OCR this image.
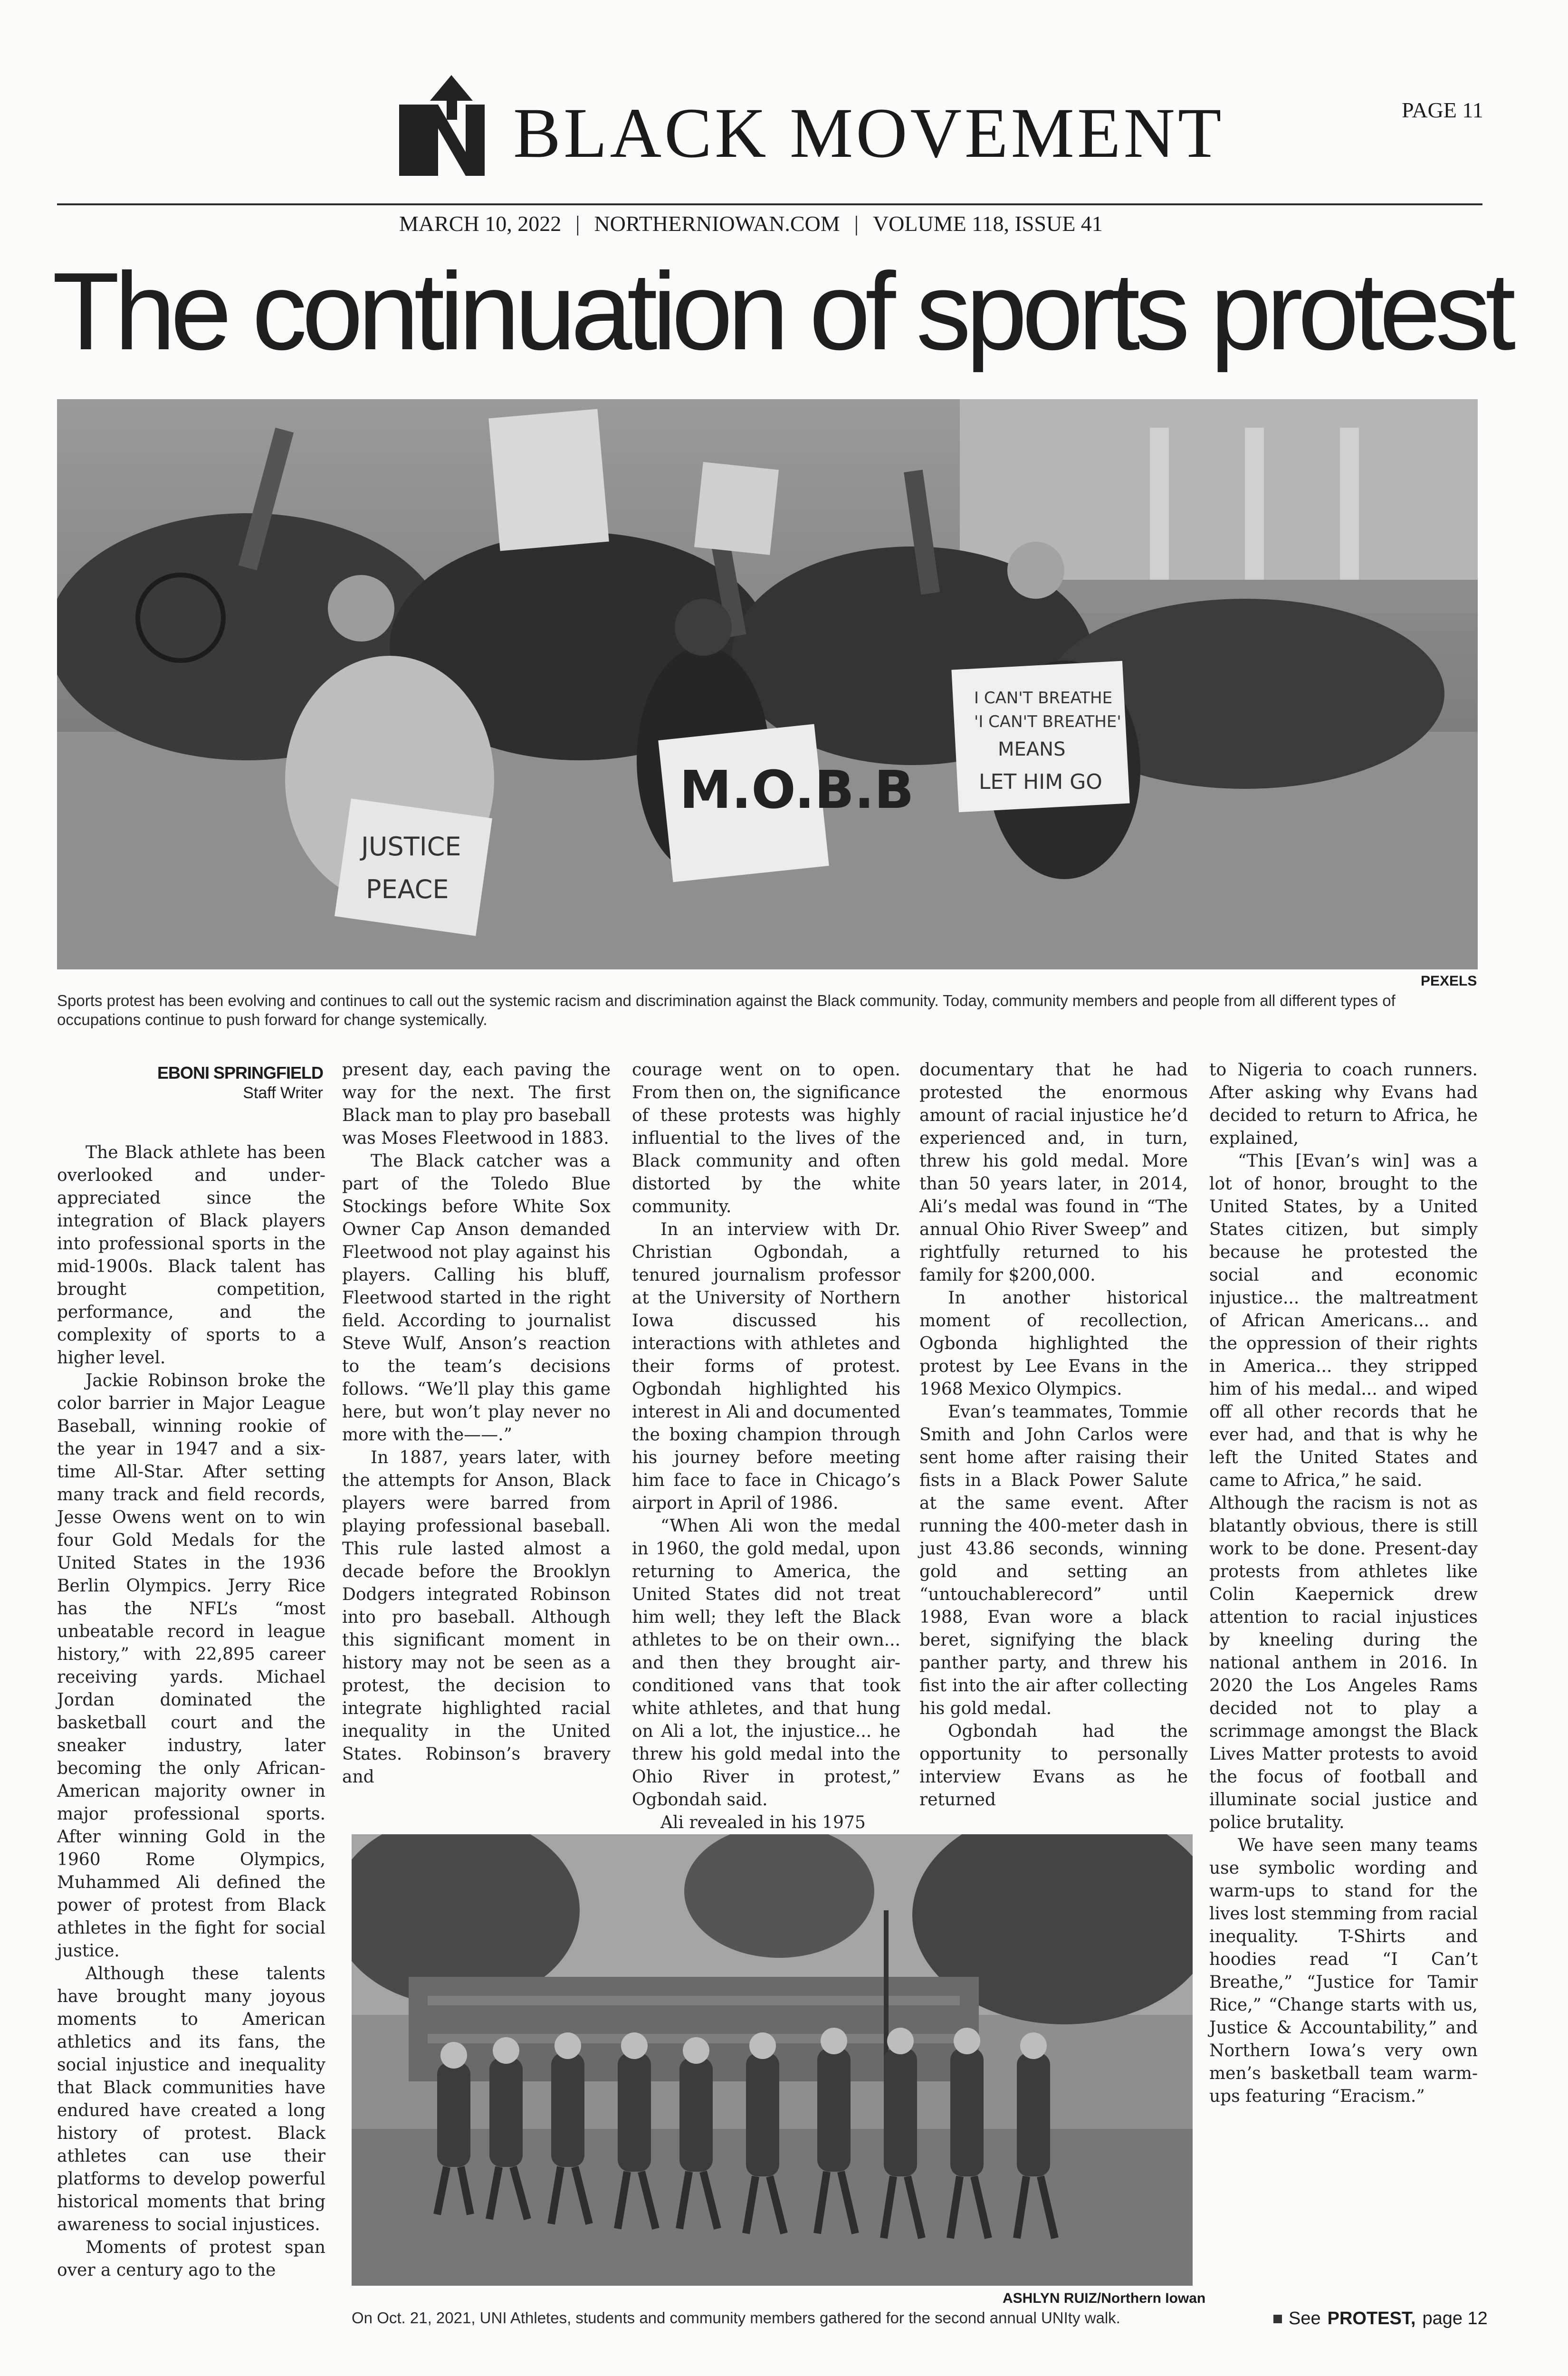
BLACK MOVEMENT	PAGE 11
MARCH 10, 2022 | NORTHERNIOWAN.COM | VOLUME 118, ISSUE 41
The continuation of sports protest
I CAN'T BREATHE
'I CAN'T BREATHE'
MEANS
LET HIM GO
M.O.B.B
JUSTICE
PEACE
PEXELS
Sports protest has been evolving and continues to call out the systemic racism and discrimination against the Black community. Today, community members and people from all different types of occupations continue to push forward for change systemically.
EBONI SPRINGFIELD
Staff Writer

The Black athlete has been overlooked and under-appreciated since the integration of Black players into professional sports in the mid-1900s. Black talent has brought competition, performance, and the complexity of sports to a higher level.

Jackie Robinson broke the color barrier in Major League Baseball, winning rookie of the year in 1947 and a six-time All-Star. After setting many track and field records, Jesse Owens went on to win four Gold Medals for the United States in the 1936 Berlin Olympics. Jerry Rice has the NFL’s “most unbeatable record in league history,” with 22,895 career receiving yards. Michael Jordan dominated the basketball court and the sneaker industry, later becoming the only African-American majority owner in major professional sports. After winning Gold in the 1960 Rome Olympics, Muhammed Ali defined the power of protest from Black athletes in the fight for social justice.

Although these talents have brought many joyous moments to American athletics and its fans, the social injustice and inequality that Black communities have endured have created a long history of protest. Black athletes can use their platforms to develop powerful historical moments that bring awareness to social injustices.

Moments of protest span over a century ago to the

present day, each paving the way for the next. The first Black man to play pro baseball was Moses Fleetwood in 1883.

The Black catcher was a part of the Toledo Blue Stockings before White Sox Owner Cap Anson demanded Fleetwood not play against his players. Calling his bluff, Fleetwood started in the right field. According to journalist Steve Wulf, Anson’s reaction to the team’s decisions follows. “We’ll play this game here, but won’t play never no more with the——.”

In 1887, years later, with the attempts for Anson, Black players were barred from playing professional baseball. This rule lasted almost a decade before the Brooklyn Dodgers integrated Robinson into pro baseball. Although this significant moment in history may not be seen as a protest, the decision to integrate highlighted racial inequality in the United States. Robinson’s bravery and

courage went on to open. From then on, the significance of these protests was highly influential to the lives of the Black community and often distorted by the white community.

In an interview with Dr. Christian Ogbondah, a tenured journalism professor at the University of Northern Iowa discussed his interactions with athletes and their forms of protest. Ogbondah highlighted his interest in Ali and documented the boxing champion through his journey before meeting him face to face in Chicago’s airport in April of 1986.

“When Ali won the medal in 1960, the gold medal, upon returning to America, the United States did not treat him well; they left the Black athletes to be on their own... and then they brought air-conditioned vans that took white athletes, and that hung on Ali a lot, the injustice... he threw his gold medal into the Ohio River in protest,” Ogbondah said.

Ali revealed in his 1975

documentary that he had protested the enormous amount of racial injustice he’d experienced and, in turn, threw his gold medal. More than 50 years later, in 2014, Ali’s medal was found in “The annual Ohio River Sweep” and rightfully returned to his family for $200,000.

In another historical moment of recollection, Ogbonda highlighted the protest by Lee Evans in the 1968 Mexico Olympics.

Evan’s teammates, Tommie Smith and John Carlos were sent home after raising their fists in a Black Power Salute at the same event. After running the 400-meter dash in just 43.86 seconds, winning gold and setting an “untouchablerecord” until 1988, Evan wore a black beret, signifying the black panther party, and threw his fist into the air after collecting his gold medal.

Ogbondah had the opportunity to personally interview Evans as he returned

to Nigeria to coach runners. After asking why Evans had decided to return to Africa, he explained,

“This [Evan’s win] was a lot of honor, brought to the United States, by a United States citizen, but simply because he protested the social and economic injustice... the maltreatment of African Americans... and the oppression of their rights in America... they stripped him of his medal... and wiped off all other records that he ever had, and that is why he left the United States and came to Africa,” he said.

Although the racism is not as blatantly obvious, there is still work to be done. Present-day protests from athletes like Colin Kaepernick drew attention to racial injustices by kneeling during the national anthem in 2016. In 2020 the Los Angeles Rams decided not to play a scrimmage amongst the Black Lives Matter protests to avoid the focus of football and illuminate social justice and police brutality.

We have seen many teams use symbolic wording and warm-ups to stand for the lives lost stemming from racial inequality. T-Shirts and hoodies read “I Can’t Breathe,” “Justice for Tamir Rice,” “Change starts with us, Justice & Accountability,” and Northern Iowa’s very own men’s basketball team warm-ups featuring “Eracism.”

ASHLYN RUIZ/Northern Iowan
On Oct. 21, 2021, UNI Athletes, students and community members gathered for the second annual UNIty walk.	See PROTEST, page 12
